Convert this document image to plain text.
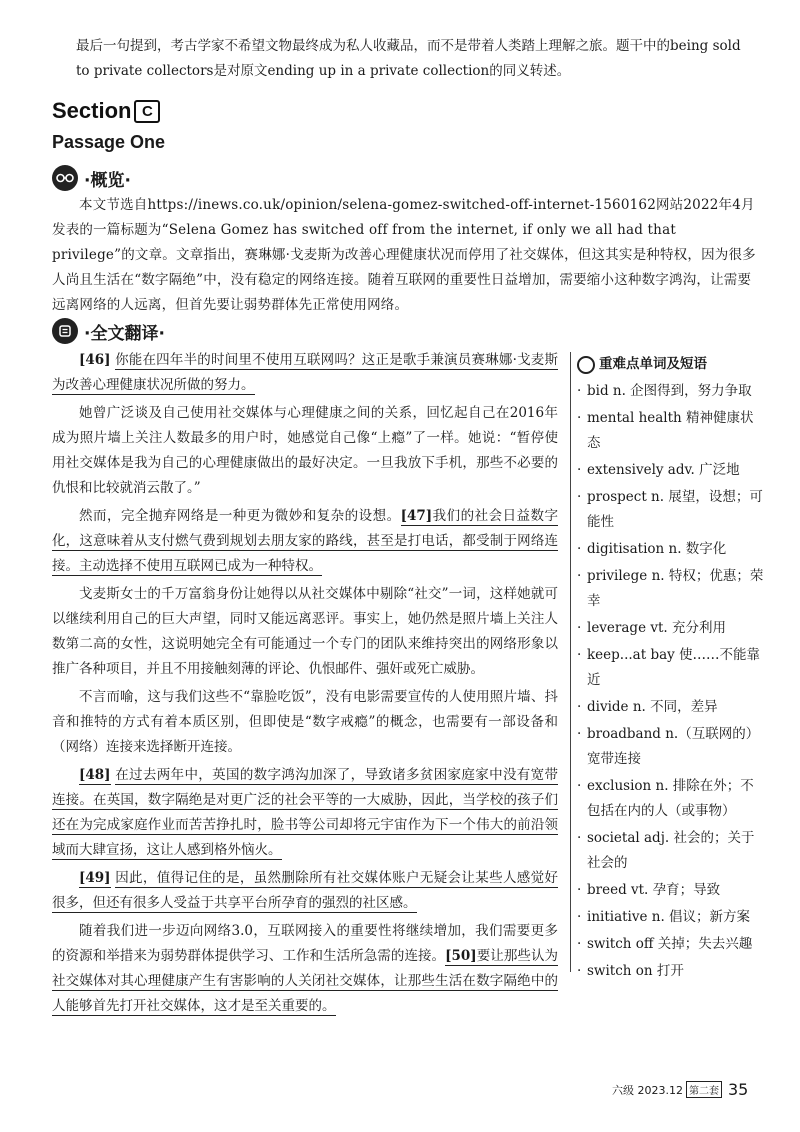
最后一句提到，考古学家不希望文物最终成为私人收藏品，而不是带着人类踏上理解之旅。题干中的being sold to private collectors是对原文ending up in a private collection的同义转述。
Section C
Passage One
·概览·
本文节选自https://inews.co.uk/opinion/selena-gomez-switched-off-internet-1560162网站2022年4月发表的一篇标题为“Selena Gomez has switched off from the internet, if only we all had that privilege”的文章。文章指出，赛琳娜·戈麦斯为改善心理健康状况而停用了社交媒体，但这其实是种特权，因为很多人尚且生活在“数字隔绝”中，没有稳定的网络连接。随着互联网的重要性日益增加，需要缩小这种数字鸿沟，让需要远离网络的人远离，但首先要让弱势群体先正常使用网络。
·全文翻译·

[46] 你能在四年半的时间里不使用互联网吗？这正是歌手兼演员赛琳娜·戈麦斯为改善心理健康状况所做的努力。

她曾广泛谈及自己使用社交媒体与心理健康之间的关系，回忆起自己在2016年成为照片墙上关注人数最多的用户时，她感觉自己像“上瘾”了一样。她说：“暂停使用社交媒体是我为自己的心理健康做出的最好决定。一旦我放下手机，那些不必要的仇恨和比较就消云散了。”

然而，完全抛弃网络是一种更为微妙和复杂的设想。[47]我们的社会日益数字化，这意味着从支付燃气费到规划去朋友家的路线，甚至是打电话，都受制于网络连接。主动选择不使用互联网已成为一种特权。

戈麦斯女士的千万富翁身份让她得以从社交媒体中剔除“社交”一词，这样她就可以继续利用自己的巨大声望，同时又能远离恶评。事实上，她仍然是照片墙上关注人数第二高的女性，这说明她完全有可能通过一个专门的团队来维持突出的网络形象以推广各种项目，并且不用接触刻薄的评论、仇恨邮件、强奸或死亡威胁。

不言而喻，这与我们这些不“靠脸吃饭”，没有电影需要宣传的人使用照片墙、抖音和推特的方式有着本质区别，但即使是“数字戒瘾”的概念，也需要有一部设备和（网络）连接来选择断开连接。

[48] 在过去两年中，英国的数字鸿沟加深了，导致诸多贫困家庭家中没有宽带连接。在英国，数字隔绝是对更广泛的社会平等的一大威胁，因此，当学校的孩子们还在为完成家庭作业而苦苦挣扎时，脸书等公司却将元宇宙作为下一个伟大的前沿领域而大肆宣扬，这让人感到格外恼火。

[49] 因此，值得记住的是，虽然删除所有社交媒体账户无疑会让某些人感觉好很多，但还有很多人受益于共享平台所孕育的强烈的社区感。

随着我们进一步迈向网络3.0，互联网接入的重要性将继续增加，我们需要更多的资源和举措来为弱势群体提供学习、工作和生活所急需的连接。[50]要让那些认为社交媒体对其心理健康产生有害影响的人关闭社交媒体，让那些生活在数字隔绝中的人能够首先打开社交媒体，这才是至关重要的。

重难点单词及短语
· bid n. 企图得到，努力争取
· mental health 精神健康状态
· extensively adv. 广泛地
· prospect n. 展望，设想；可能性
· digitisation n. 数字化
· privilege n. 特权；优惠；荣幸
· leverage vt. 充分利用
· keep...at bay 使……不能靠近
· divide n. 不同，差异
· broadband n.（互联网的）宽带连接
· exclusion n. 排除在外；不包括在内的人（或事物）
· societal adj. 社会的；关于社会的
· breed vt. 孕育；导致
· initiative n. 倡议；新方案
· switch off 关掉；失去兴趣
· switch on 打开
六级 2023.12 第二套 35
